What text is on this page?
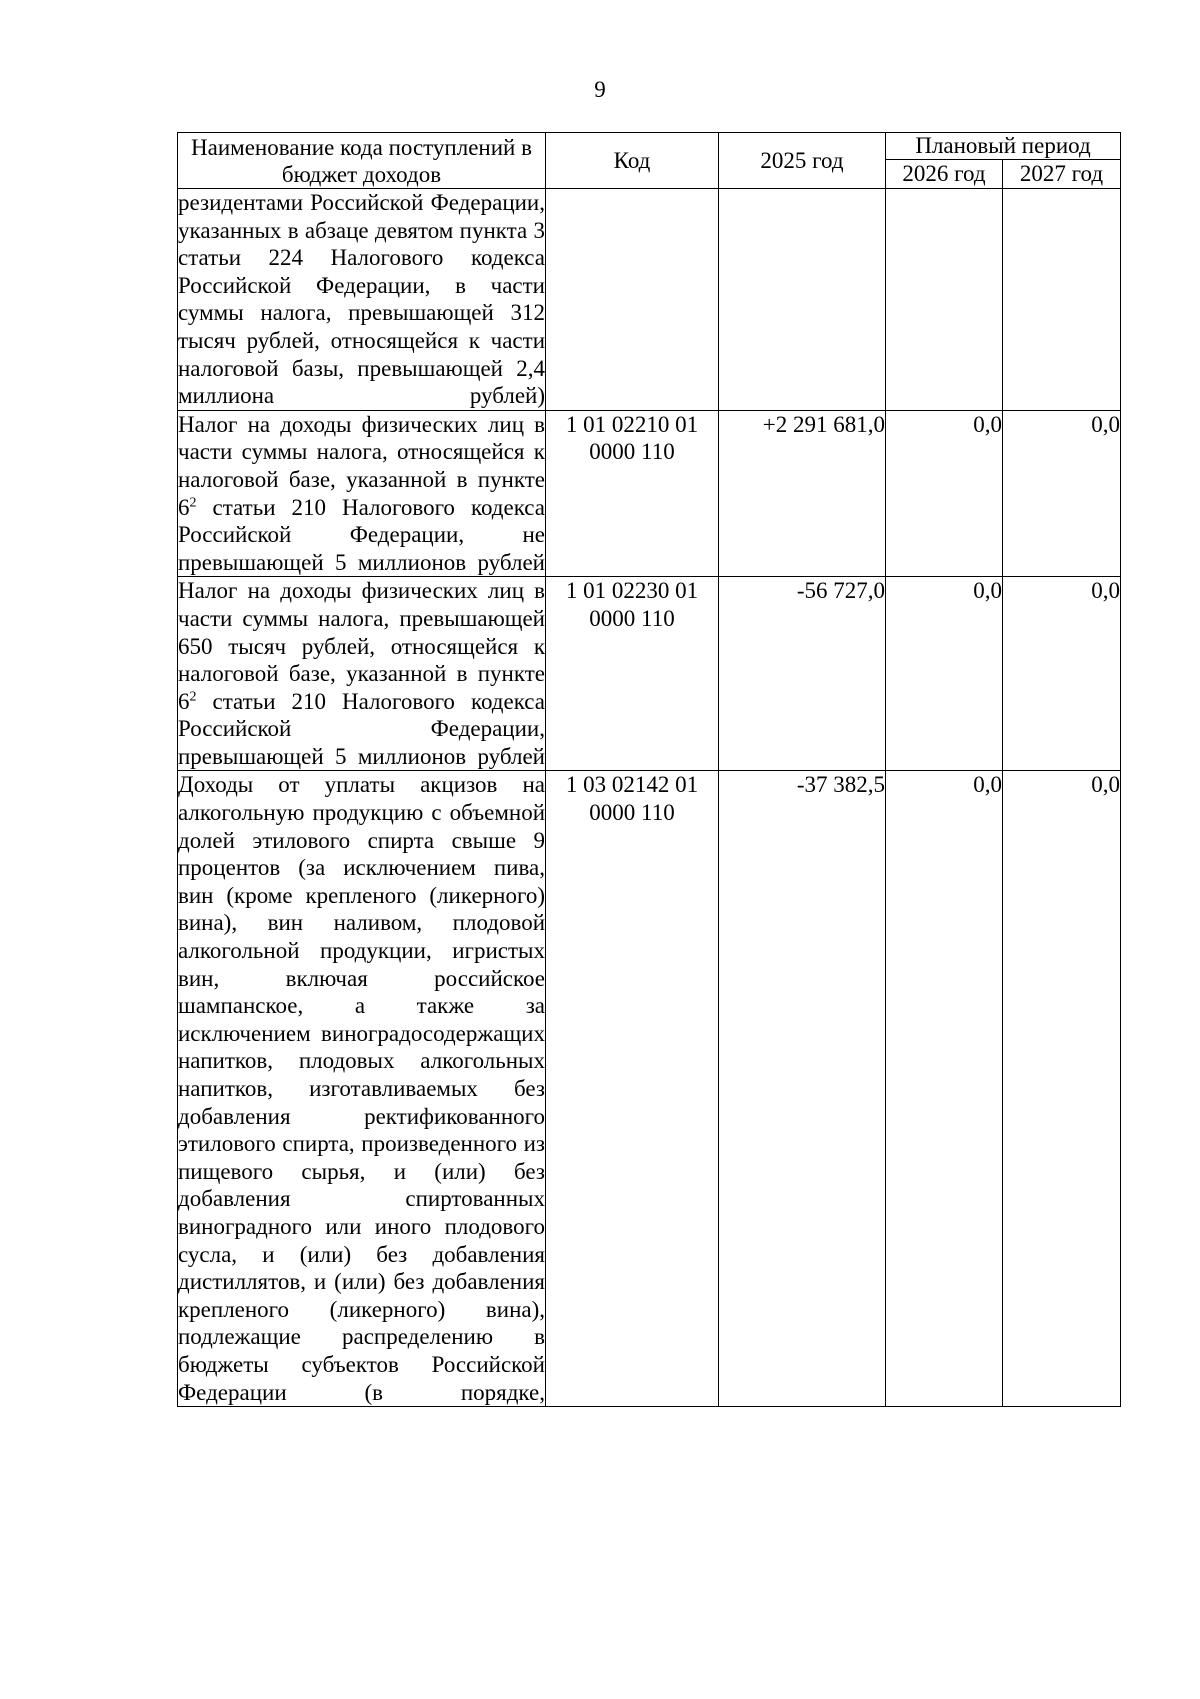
9
Наименование кода поступлений в бюджет доходов	Код	2025 год	Плановый период	
			2026 год	2027 год
резидентами Российской Федерации, указанных в абзаце девятом пункта 3 статьи 224 Налогового кодекса Российской Федерации, в части суммы налога, превышающей 312 тысяч рублей, относящейся к части налоговой базы, превышающей 2,4 миллиона рублей)				
Налог на доходы физических лиц в части суммы налога, относящейся к налоговой базе, указанной в пункте $6^2$ статьи 210 Налогового кодекса Российской Федерации, не превышающей 5 миллионов рублей	1 01 02210 01 0000 110	+2 291 681,0	0,0	0,0
Налог на доходы физических лиц в части суммы налога, превышающей 650 тысяч рублей, относящейся к налоговой базе, указанной в пункте $6^2$ статьи 210 Налогового кодекса Российской Федерации, превышающей 5 миллионов рублей	1 01 02230 01 0000 110	-56 727,0	0,0	0,0
Доходы от уплаты акцизов на алкогольную продукцию с объемной долей этилового спирта свыше 9 процентов (за исключением пива, вин (кроме крепленого (ликерного) вина), вин наливом, плодовой алкогольной продукции, игристых вин, включая российское шампанское, а также за исключением виноградосодержащих напитков, плодовых алкогольных напитков, изготавливаемых без добавления ректификованного этилового спирта, произведенного из пищевого сырья, и (или) без добавления спиртованных виноградного или иного плодового сусла, и (или) без добавления дистиллятов, и (или) без добавления крепленого (ликерного) вина), подлежащие распределению в бюджеты субъектов Российской Федерации (в порядке,	1 03 02142 01 0000 110	-37 382,5	0,0	0,0
